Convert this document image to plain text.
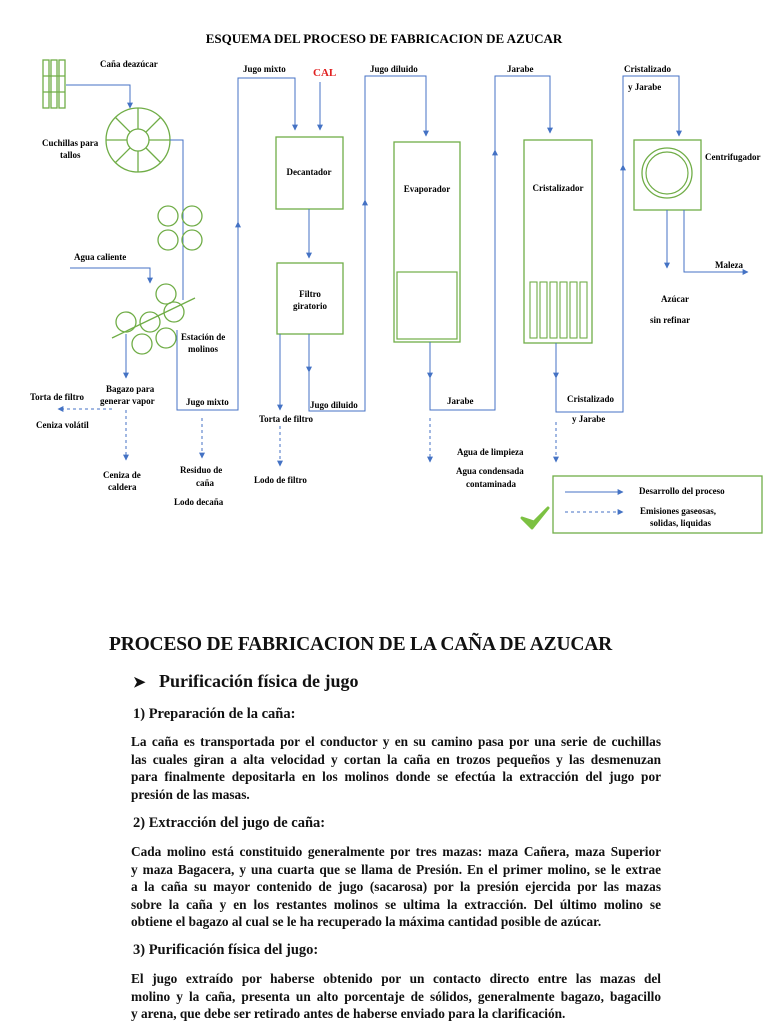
ESQUEMA DEL PROCESO DE FABRICACION DE AZUCAR
Caña deazúcar
Cuchillas para
tallos
Agua caliente
Estación de
molinos
Bagazo para
generar vapor
Torta de filtro
Ceniza volátil
Ceniza de
caldera
Jugo mixto
Jugo mixto
Residuo de
caña
Lodo decaña
CAL
Decantador
Filtro
giratorio
Torta de filtro
Lodo de filtro
Jugo diluido
Jugo diluido
Evaporador
Jarabe
Jarabe
Agua de limpieza
Agua condensada
contaminada
Cristalizador
Cristalizado
y Jarabe
Cristalizado
y Jarabe
Centrifugador
Maleza
Azúcar
sin refinar
Desarrollo del proceso
Emisiones gaseosas,
solidas, liquidas
PROCESO DE FABRICACION DE LA CAÑA DE AZUCAR
➤ Purificación física de jugo
1) Preparación de la caña:
La caña es transportada por el conductor y en su camino pasa por una serie de cuchillas
las cuales giran a alta velocidad y cortan la caña en trozos pequeños y las desmenuzan
para finalmente depositarla en los molinos donde se efectúa la extracción del jugo por
presión de las masas.
2) Extracción del jugo de caña:
Cada molino está constituido generalmente por tres mazas: maza Cañera, maza Superior
y maza Bagacera, y una cuarta que se llama de Presión. En el primer molino, se le extrae
a la caña su mayor contenido de jugo (sacarosa) por la presión ejercida por las mazas
sobre la caña y en los restantes molinos se ultima la extracción. Del último molino se
obtiene el bagazo al cual se le ha recuperado la máxima cantidad posible de azúcar.
3) Purificación física del jugo:
El jugo extraído por haberse obtenido por un contacto directo entre las mazas del
molino y la caña, presenta un alto porcentaje de sólidos, generalmente bagazo, bagacillo
y arena, que debe ser retirado antes de haberse enviado para la clarificación.
